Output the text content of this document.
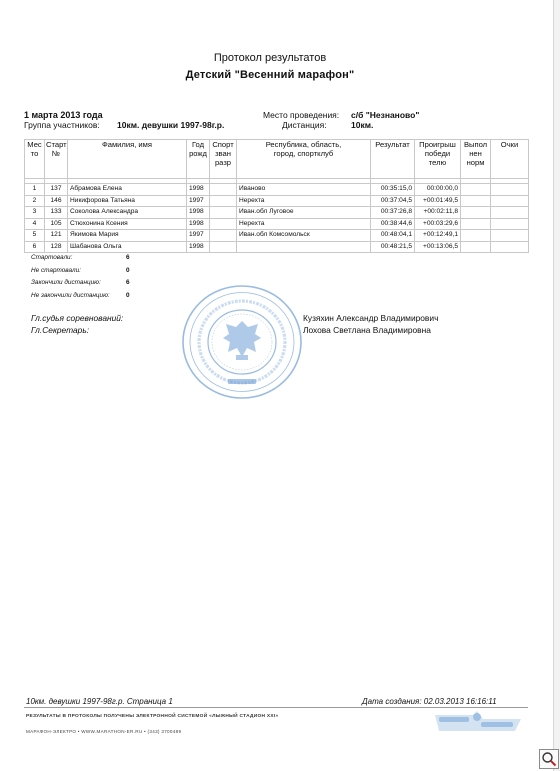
Протокол результатов
Детский "Весенний марафон"
1 марта 2013 года
Группа участников: 10км. девушки 1997-98г.р.
Место проведения: с/б "Незнаново"
Дистанция:	10км.
Мес
то	Старт
№	Фамилия, имя	Год
рожд	Спорт
зван
разр	Республика, область,
город, спортклуб	Результат	Проигрыш
победи
телю	Выпол
нен
норм	Очки

1	137	Абрамова Елена	1998		Иваново	00:35:15,0	00:00:00,0		
2	146	Никифорова Татьяна	1997		Нерехта	00:37:04,5	+00:01:49,5		
3	133	Соколова Александра	1998		Иван.обл Луговое	00:37:26,8	+00:02:11,8		
4	105	Стюхонина Ксения	1998		Нерехта	00:38:44,6	+00:03:29,6		
5	121	Якимова Мария	1997		Иван.обл Комсомольск	00:48:04,1	+00:12:49,1		
6	128	Шабанова Ольга	1998			00:48:21,5	+00:13:06,5		
Стартовали:	6
Не стартовали:	0
Закончили дистанцию:	6
Не закончили дистанцию:	0
Гл.судья соревнований:	Кузяхин Александр Владимирович
Гл.Секретарь:	Лохова Светлана Владимировна
10км. девушки 1997-98г.р. Страница 1	Дата создания: 02.03.2013 16:16:11
РЕЗУЛЬТАТЫ В ПРОТОКОЛЫ ПОЛУЧЕНЫ ЭЛЕКТРОННОЙ СИСТЕМОЙ «ЛЫЖНЫЙ СТАДИОН XXI»
МАРАФОН-ЭЛЕКТРО • WWW.MARATHON-ER.RU • (343) 3700489
